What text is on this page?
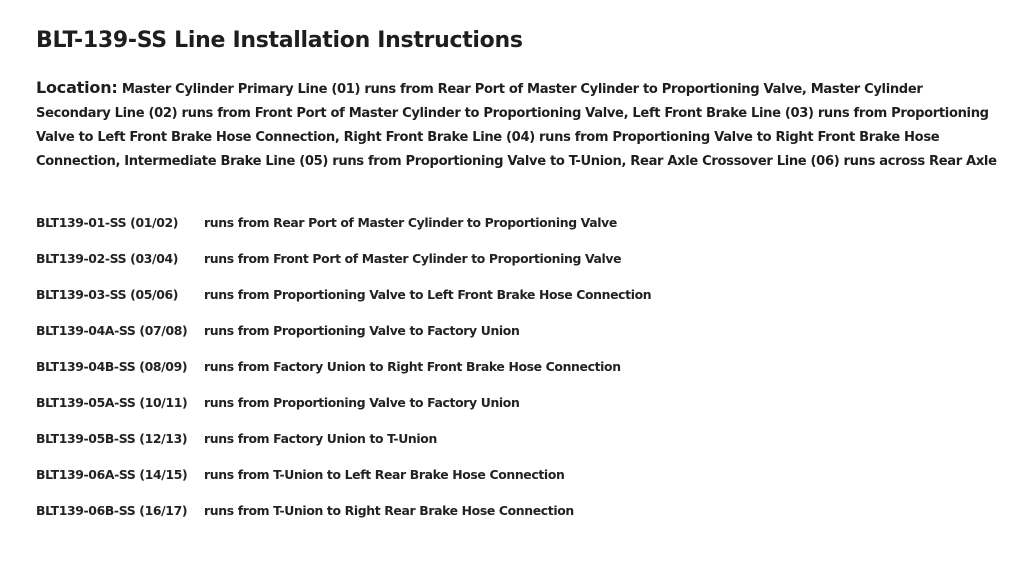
BLT-139-SS Line Installation Instructions
Location: Master Cylinder Primary Line (01) runs from Rear Port of Master Cylinder to Proportioning Valve, Master Cylinder Secondary Line (02) runs from Front Port of Master Cylinder to Proportioning Valve, Left Front Brake Line (03) runs from Proportioning Valve to Left Front Brake Hose Connection, Right Front Brake Line (04) runs from Proportioning Valve to Right Front Brake Hose Connection, Intermediate Brake Line (05) runs from Proportioning Valve to T-Union, Rear Axle Crossover Line (06) runs across Rear Axle
BLT139-01-SS (01/02)	runs from Rear Port of Master Cylinder to Proportioning Valve
BLT139-02-SS (03/04)	runs from Front Port of Master Cylinder to Proportioning Valve
BLT139-03-SS (05/06)	runs from Proportioning Valve to Left Front Brake Hose Connection
BLT139-04A-SS (07/08)	runs from Proportioning Valve to Factory Union
BLT139-04B-SS (08/09)	runs from Factory Union to Right Front Brake Hose Connection
BLT139-05A-SS (10/11)	runs from Proportioning Valve to Factory Union
BLT139-05B-SS (12/13)	runs from Factory Union to T-Union
BLT139-06A-SS (14/15)	runs from T-Union to Left Rear Brake Hose Connection
BLT139-06B-SS (16/17)	runs from T-Union to Right Rear Brake Hose Connection
